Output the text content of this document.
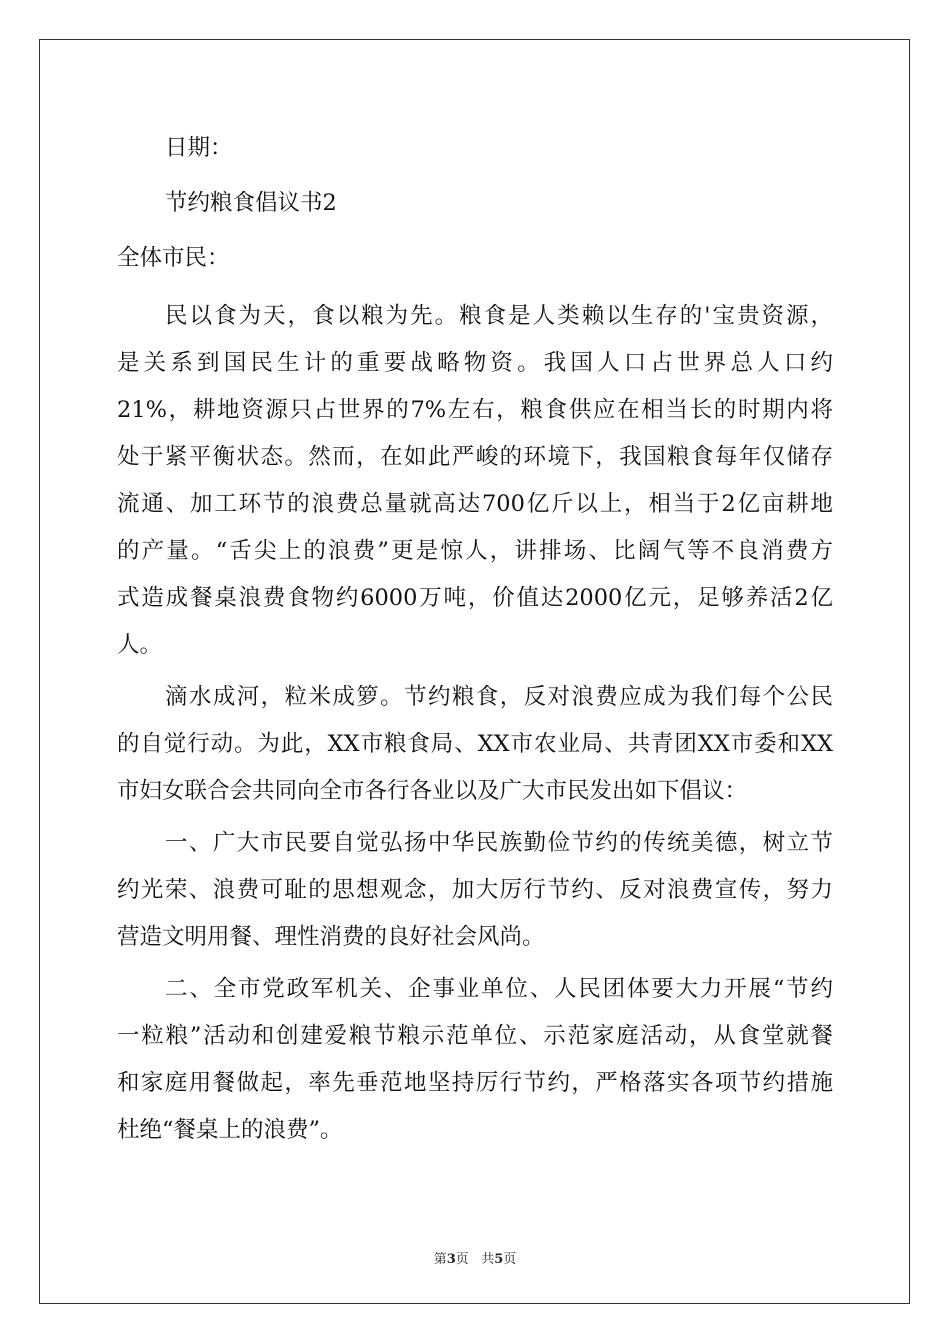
日期：
节约粮食倡议书2
全体市民：
民以食为天，食以粮为先。粮食是人类赖以生存的'宝贵资源，
是关系到国民生计的重要战略物资。我国人口占世界总人口约
21%，耕地资源只占世界的7%左右，粮食供应在相当长的时期内将
处于紧平衡状态。然而，在如此严峻的环境下，我国粮食每年仅储存
流通、加工环节的浪费总量就高达700亿斤以上，相当于2亿亩耕地
的产量。“舌尖上的浪费”更是惊人，讲排场、比阔气等不良消费方
式造成餐桌浪费食物约6000万吨，价值达2000亿元，足够养活2亿
人。
滴水成河，粒米成箩。节约粮食，反对浪费应成为我们每个公民
的自觉行动。为此，XX市粮食局、XX市农业局、共青团XX市委和XX
市妇女联合会共同向全市各行各业以及广大市民发出如下倡议：
一、广大市民要自觉弘扬中华民族勤俭节约的传统美德，树立节
约光荣、浪费可耻的思想观念，加大厉行节约、反对浪费宣传，努力
营造文明用餐、理性消费的良好社会风尚。
二、全市党政军机关、企事业单位、人民团体要大力开展“节约
一粒粮”活动和创建爱粮节粮示范单位、示范家庭活动，从食堂就餐
和家庭用餐做起，率先垂范地坚持厉行节约，严格落实各项节约措施
杜绝“餐桌上的浪费”。
第3页 共5页
